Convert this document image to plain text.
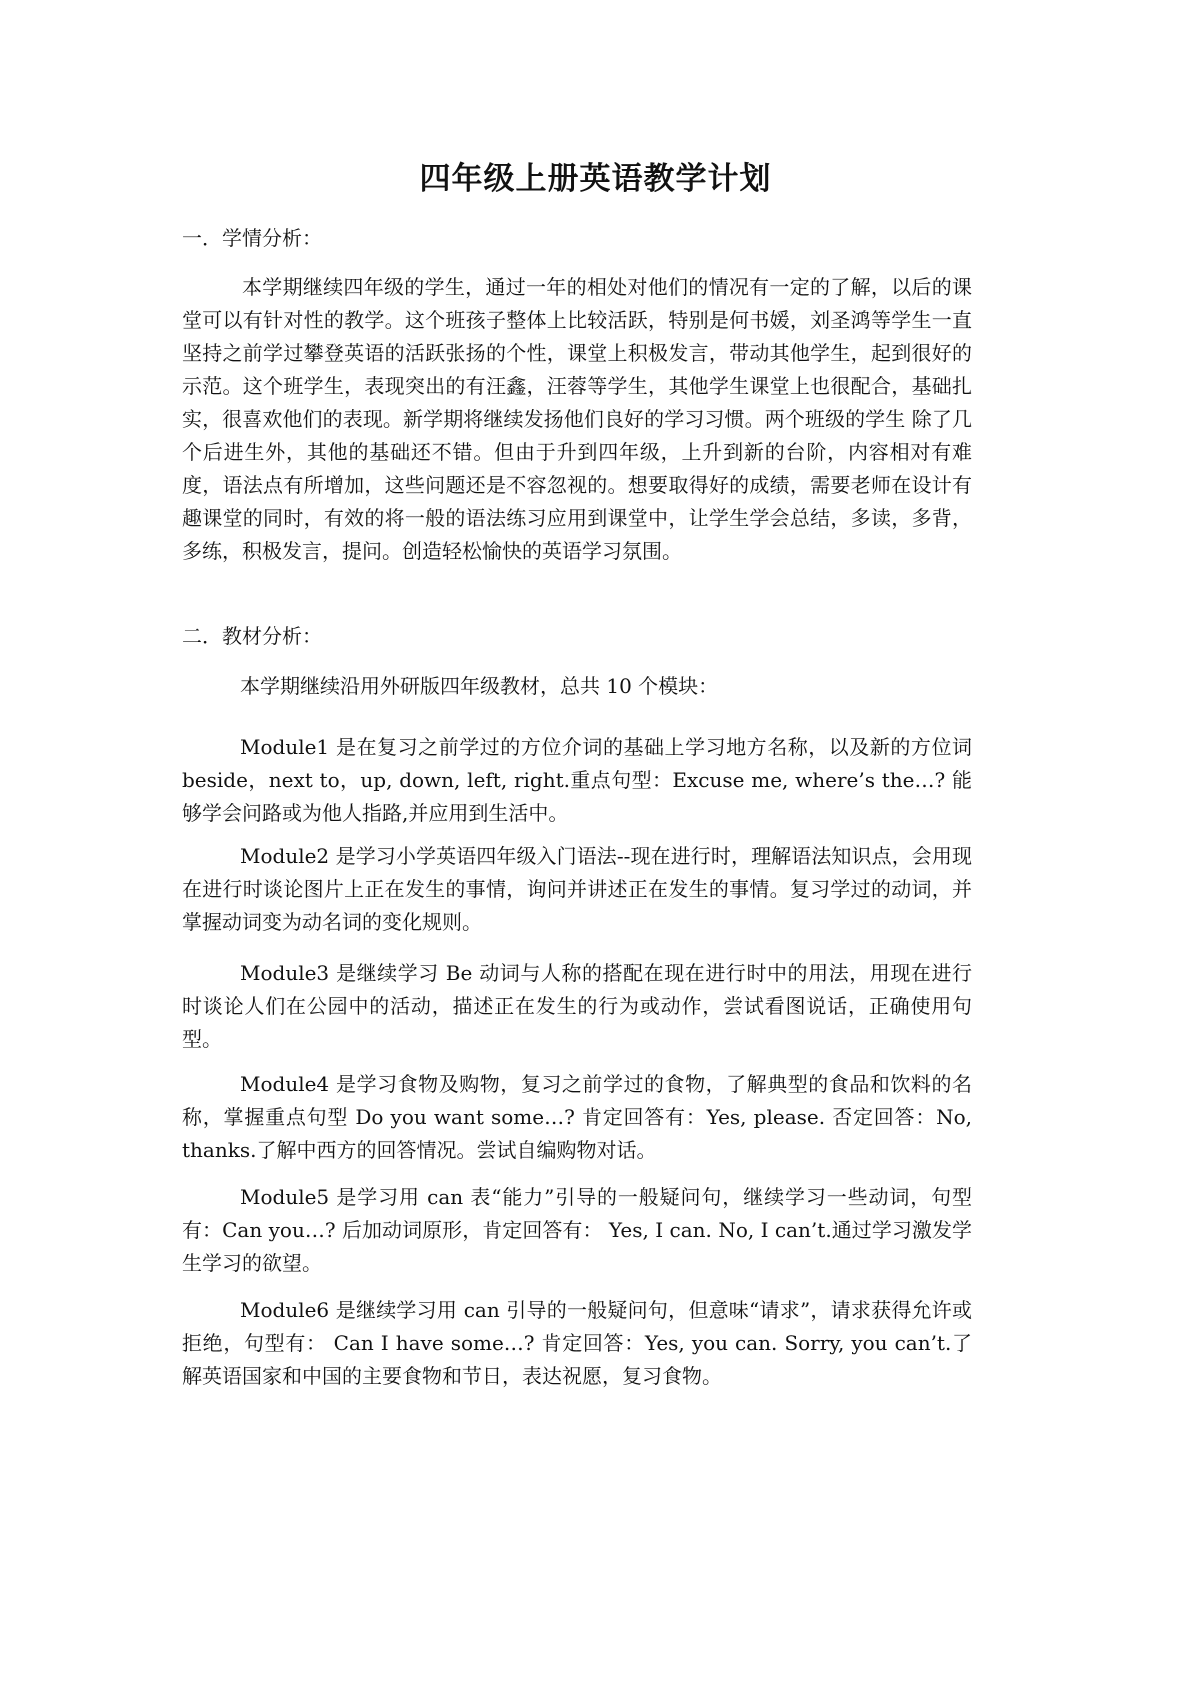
四年级上册英语教学计划
一．学情分析：
本学期继续四年级的学生，通过一年的相处对他们的情况有一定的了解，以后的课堂可以有针对性的教学。这个班孩子整体上比较活跃，特别是何书媛，刘圣鸿等学生一直坚持之前学过攀登英语的活跃张扬的个性，课堂上积极发言，带动其他学生，起到很好的示范。这个班学生，表现突出的有汪鑫，汪蓉等学生，其他学生课堂上也很配合，基础扎实，很喜欢他们的表现。新学期将继续发扬他们良好的学习习惯。两个班级的学生 除了几个后进生外，其他的基础还不错。但由于升到四年级，上升到新的台阶，内容相对有难度，语法点有所增加，这些问题还是不容忽视的。想要取得好的成绩，需要老师在设计有趣课堂的同时，有效的将一般的语法练习应用到课堂中，让学生学会总结，多读，多背，多练，积极发言，提问。创造轻松愉快的英语学习氛围。
二．教材分析：
本学期继续沿用外研版四年级教材，总共 10 个模块：
Module1 是在复习之前学过的方位介词的基础上学习地方名称，以及新的方位词 beside，next to，up, down, left, right.重点句型：Excuse me, where’s the…? 能够学会问路或为他人指路,并应用到生活中。
Module2 是学习小学英语四年级入门语法--现在进行时，理解语法知识点，会用现在进行时谈论图片上正在发生的事情，询问并讲述正在发生的事情。复习学过的动词，并掌握动词变为动名词的变化规则。
Module3 是继续学习 Be 动词与人称的搭配在现在进行时中的用法，用现在进行时谈论人们在公园中的活动，描述正在发生的行为或动作，尝试看图说话，正确使用句型。
Module4 是学习食物及购物，复习之前学过的食物，了解典型的食品和饮料的名称，掌握重点句型 Do you want some…? 肯定回答有：Yes, please. 否定回答：No, thanks.了解中西方的回答情况。尝试自编购物对话。
Module5 是学习用 can 表“能力”引导的一般疑问句，继续学习一些动词，句型有：Can you…? 后加动词原形，肯定回答有： Yes, I can. No, I can’t.通过学习激发学生学习的欲望。
Module6 是继续学习用 can 引导的一般疑问句，但意味“请求”，请求获得允许或拒绝，句型有： Can I have some…? 肯定回答：Yes, you can. Sorry, you can’t.了解英语国家和中国的主要食物和节日，表达祝愿，复习食物。
